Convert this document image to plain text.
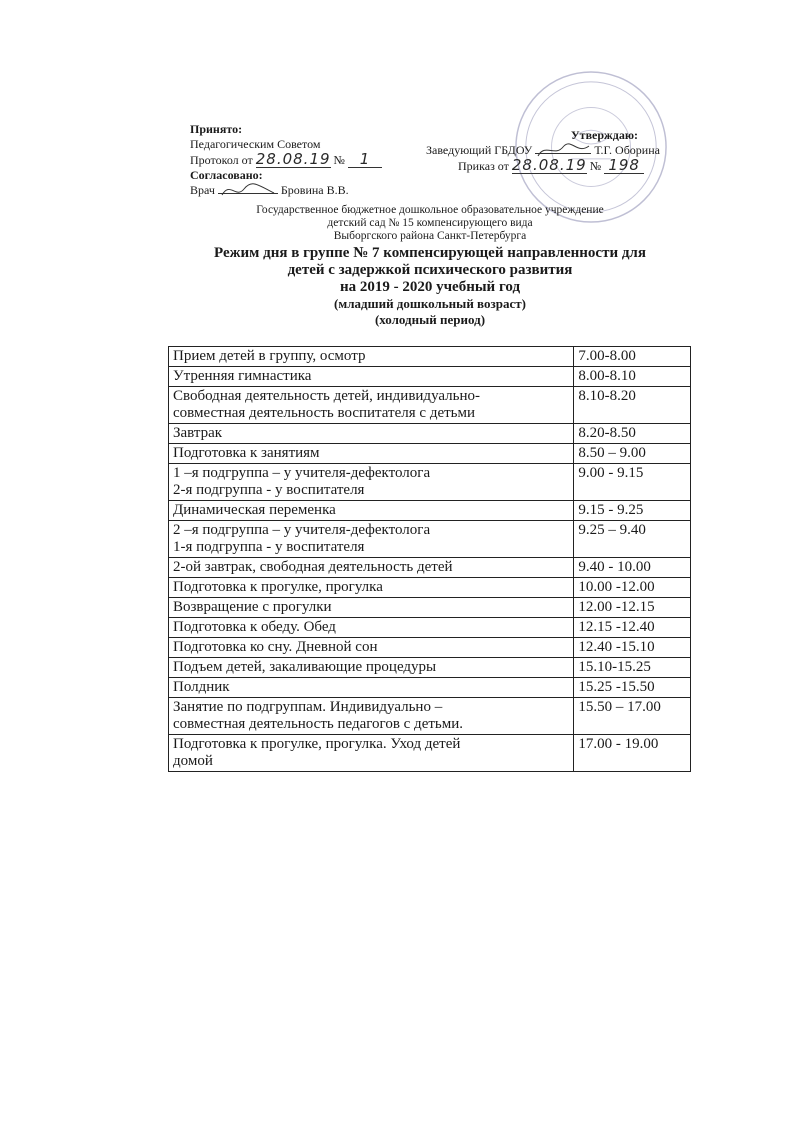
Принято:
Педагогическим Советом
Протокол от 28.08.19 № 1
Согласовано:
Врач	Бровина В.В.
Утверждаю:
Заведующий ГБДОУ	Т.Г. Оборина
Приказ от 28.08.19 № 198
Государственное бюджетное дошкольное образовательное учреждение
детский сад № 15 компенсирующего вида
Выборгского района Санкт-Петербурга
Режим дня в группе № 7 компенсирующей направленности для
детей с задержкой психического развития
на 2019 - 2020 учебный год
(младший дошкольный возраст)
(холодный период)
Прием детей в группу, осмотр	7.00-8.00
Утренняя гимнастика	8.00-8.10
Свободная деятельность детей, индивидуально-
совместная деятельность воспитателя с детьми	8.10-8.20
Завтрак	8.20-8.50
Подготовка к занятиям	8.50 – 9.00
1 –я подгруппа – у учителя-дефектолога
2-я подгруппа - у воспитателя	9.00 - 9.15
Динамическая переменка	9.15 - 9.25
2 –я подгруппа – у учителя-дефектолога
1-я подгруппа - у воспитателя	9.25 – 9.40
2-ой завтрак, свободная деятельность детей	9.40 - 10.00
Подготовка к прогулке, прогулка	10.00 -12.00
Возвращение с прогулки	12.00 -12.15
Подготовка к обеду. Обед	12.15 -12.40
Подготовка ко сну. Дневной сон	12.40 -15.10
Подъем детей, закаливающие процедуры	15.10-15.25
Полдник	15.25 -15.50
Занятие по подгруппам. Индивидуально –
совместная деятельность педагогов с детьми.	15.50 – 17.00
Подготовка к прогулке, прогулка. Уход детей
домой	17.00 - 19.00
